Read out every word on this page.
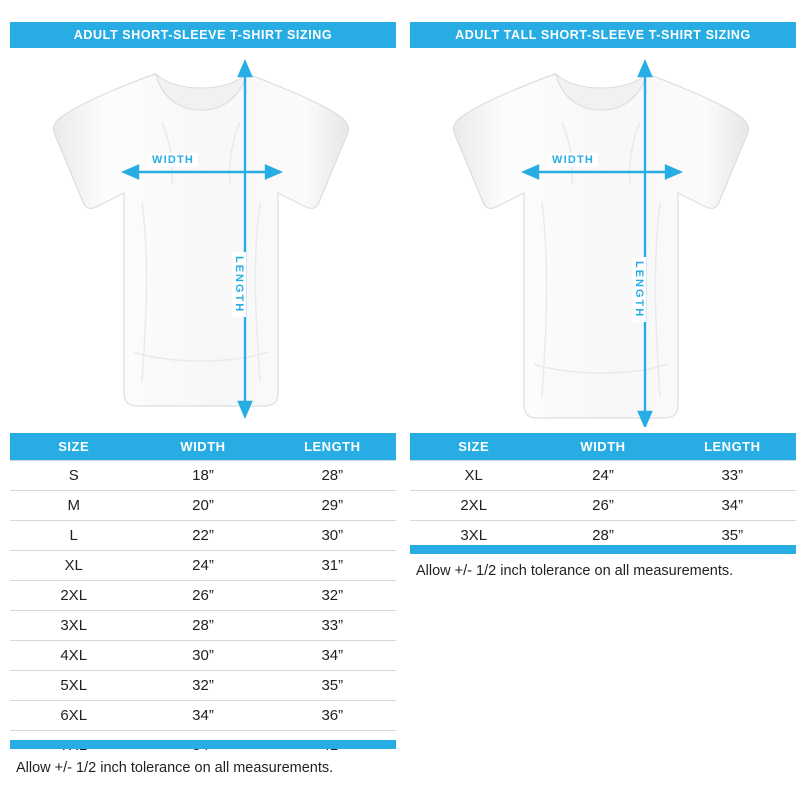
ADULT SHORT-SLEEVE T-SHIRT SIZING
WIDTH
LENGTH
SIZE	WIDTH	LENGTH
S	18”	28”
M	20”	29”
L	22”	30”
XL	24”	31”
2XL	26”	32”
3XL	28”	33”
4XL	30”	34”
5XL	32”	35”
6XL	34”	36”

Allow +/- 1/2 inch tolerance on all measurements.
ADULT TALL SHORT-SLEEVE T-SHIRT SIZING
WIDTH
LENGTH
SIZE	WIDTH	LENGTH
XL	24”	33”
2XL	26”	34”
3XL	28”	35”
Allow +/- 1/2 inch tolerance on all measurements.
